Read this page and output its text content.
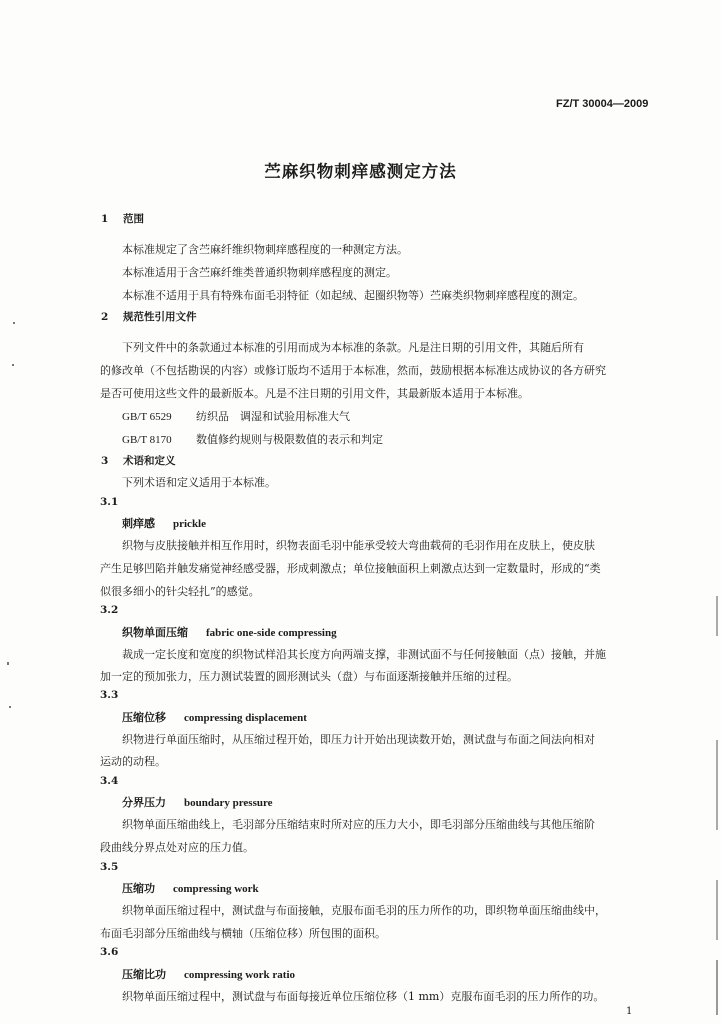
FZ/T 30004—2009
苎麻织物刺痒感测定方法
1 范围
本标准规定了含苎麻纤维织物刺痒感程度的一种测定方法。
本标准适用于含苎麻纤维类普通织物刺痒感程度的测定。
本标准不适用于具有特殊布面毛羽特征（如起绒、起圈织物等）苎麻类织物刺痒感程度的测定。
2 规范性引用文件
下列文件中的条款通过本标准的引用而成为本标准的条款。凡是注日期的引用文件，其随后所有
的修改单（不包括勘误的内容）或修订版均不适用于本标准，然而，鼓励根据本标准达成协议的各方研究
是否可使用这些文件的最新版本。凡是不注日期的引用文件，其最新版本适用于本标准。
GB/T 6529 纺织品　调湿和试验用标准大气
GB/T 8170 数值修约规则与极限数值的表示和判定
3 术语和定义
下列术语和定义适用于本标准。
3.1
刺痒感 prickle
织物与皮肤接触并相互作用时，织物表面毛羽中能承受较大弯曲载荷的毛羽作用在皮肤上，使皮肤
产生足够凹陷并触发痛觉神经感受器，形成刺激点；单位接触面积上刺激点达到一定数量时，形成的“类
似很多细小的针尖轻扎”的感觉。
3.2
织物单面压缩 fabric one-side compressing
裁成一定长度和宽度的织物试样沿其长度方向两端支撑，非测试面不与任何接触面（点）接触，并施
加一定的预加张力，压力测试装置的圆形测试头（盘）与布面逐渐接触并压缩的过程。
3.3
压缩位移 compressing displacement
织物进行单面压缩时，从压缩过程开始，即压力计开始出现读数开始，测试盘与布面之间法向相对
运动的动程。
3.4
分界压力 boundary pressure
织物单面压缩曲线上，毛羽部分压缩结束时所对应的压力大小，即毛羽部分压缩曲线与其他压缩阶
段曲线分界点处对应的压力值。
3.5
压缩功 compressing work
织物单面压缩过程中，测试盘与布面接触，克服布面毛羽的压力所作的功，即织物单面压缩曲线中，
布面毛羽部分压缩曲线与横轴（压缩位移）所包围的面积。
3.6
压缩比功 compressing work ratio
织物单面压缩过程中，测试盘与布面每接近单位压缩位移（1 mm）克服布面毛羽的压力所作的功。
1
